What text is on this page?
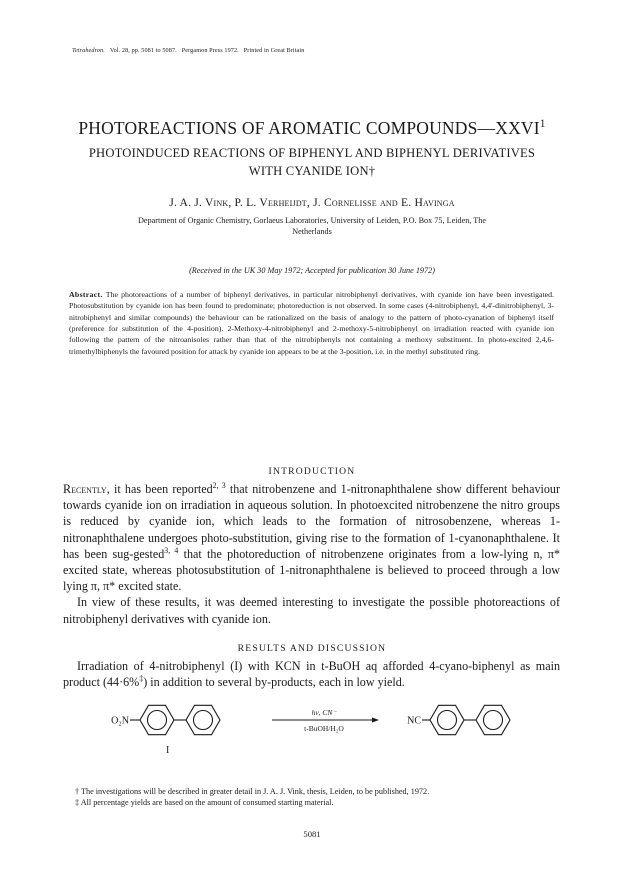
Tetrahedron. Vol. 28, pp. 5081 to 5087. Pergamon Press 1972. Printed in Great Britain
PHOTOREACTIONS OF AROMATIC COMPOUNDS—XXVI$^1$
PHOTOINDUCED REACTIONS OF BIPHENYL AND BIPHENYL DERIVATIVES WITH CYANIDE ION†
J. A. J. Vink, P. L. Verheijdt, J. Cornelisse and E. Havinga
Department of Organic Chemistry, Gorlaeus Laboratories, University of Leiden, P.O. Box 75, Leiden, The Netherlands
(Received in the UK 30 May 1972; Accepted for publication 30 June 1972)
Abstract. The photoreactions of a number of biphenyl derivatives, in particular nitrobiphenyl derivatives, with cyanide ion have been investigated. Photosubstitution by cyanide ion has been found to predominate; photoreduction is not observed. In some cases (4-nitrobiphenyl, 4,4'-dinitrobiphenyl, 3-nitrobiphenyl and similar compounds) the behaviour can be rationalized on the basis of analogy to the pattern of photo-cyanation of biphenyl itself (preference for substitution of the 4-position). 2-Methoxy-4-nitrobiphenyl and 2-methoxy-5-nitrobiphenyl on irradiation reacted with cyanide ion following the pattern of the nitroanisoles rather than that of the nitrobiphenyls not containing a methoxy substituent. In photo-excited 2,4,6-trimethylbiphenyls the favoured position for attack by cyanide ion appears to be at the 3-position, i.e. in the methyl substituted ring.
INTRODUCTION

Recently, it has been reported$^{2, 3}$ that nitrobenzene and 1-nitronaphthalene show different behaviour towards cyanide ion on irradiation in aqueous solution. In photoexcited nitrobenzene the nitro groups is reduced by cyanide ion, which leads to the formation of nitrosobenzene, whereas 1-nitronaphthalene undergoes photo-substitution, giving rise to the formation of 1-cyanonaphthalene. It has been sug-gested$^{3, 4}$ that the photoreduction of nitrobenzene originates from a low-lying n, π* excited state, whereas photosubstitution of 1-nitronaphthalene is believed to proceed through a low lying π, π* excited state.

In view of these results, it was deemed interesting to investigate the possible photoreactions of nitrobiphenyl derivatives with cyanide ion.

RESULTS AND DISCUSSION

Irradiation of 4-nitrobiphenyl (I) with KCN in t-BuOH aq afforded 4-cyano-biphenyl as main product (44·6%‡) in addition to several by-products, each in low yield.

O₂N
hν, CN⁻
t-BuOH/H₂O
NC
I

† The investigations will be described in greater detail in J. A. J. Vink, thesis, Leiden, to be published, 1972.

‡ All percentage yields are based on the amount of consumed starting material.

5081
